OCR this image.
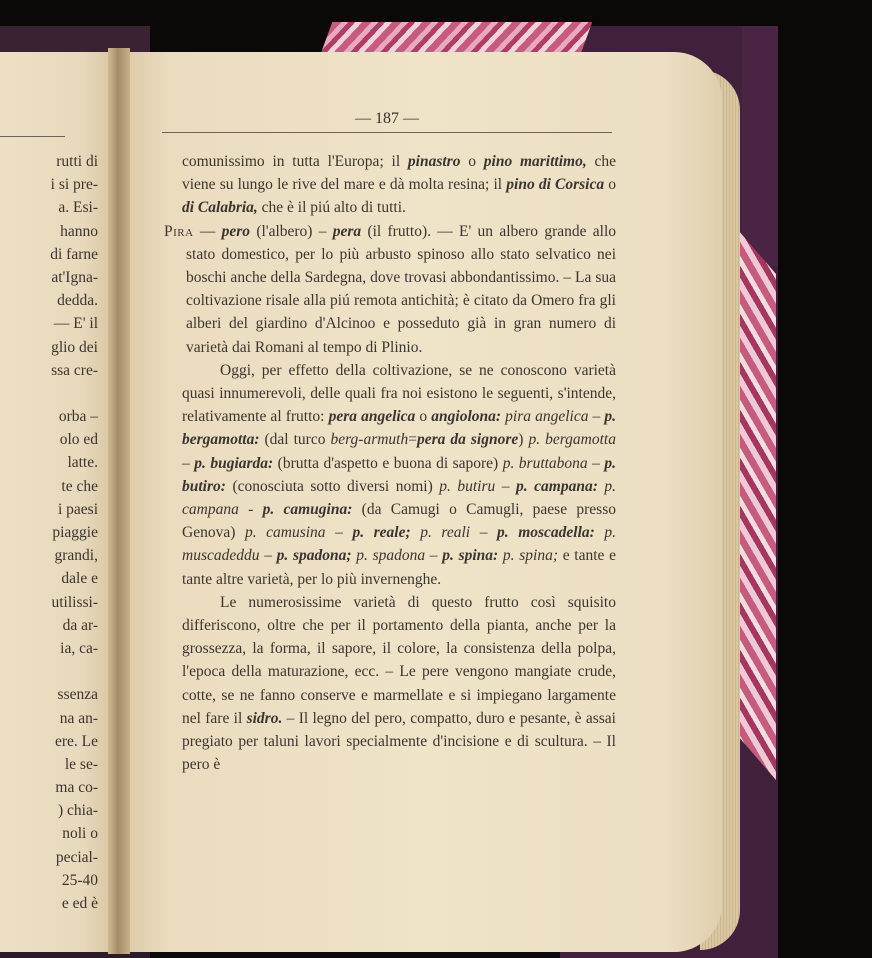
rutti di
i si pre-
a. Esi-
hanno
di farne
at'Igna-
dedda.
— E' il
glio dei
ssa cre-
orba –
olo ed
latte.
te che
i paesi
piaggie
grandi,
dale e
utilissi-
da ar-
ia, ca-
ssenza
na an-
ere. Le
le se-
ma co-
) chia-
noli o
pecial-
25-40
e ed è
— 187 —

comunissimo in tutta l'Europa; il pinastro o pino marittimo, che viene su lungo le rive del mare e dà molta resina; il pino di Corsica o di Calabria, che è il piú alto di tutti.

Pira — pero (l'albero) – pera (il frutto). — E' un albero grande allo stato domestico, per lo più arbusto spinoso allo stato selvatico nei boschi anche della Sardegna, dove trovasi abbondantissimo. – La sua coltivazione risale alla piú remota antichità; è citato da Omero fra gli alberi del giardino d'Alcinoo e posseduto già in gran numero di varietà dai Romani al tempo di Plinio.

Oggi, per effetto della coltivazione, se ne conoscono varietà quasi innumerevoli, delle quali fra noi esistono le seguenti, s'intende, relativamente al frutto: pera angelica o angiolona: pira angelica – p. bergamotta: (dal turco berg-armuth=pera da signore) p. bergamotta – p. bugiarda: (brutta d'aspetto e buona di sapore) p. bruttabona – p. butiro: (conosciuta sotto diversi nomi) p. butiru – p. campana: p. campana - p. camugina: (da Camugi o Camugli, paese presso Genova) p. camusina – p. reale; p. reali – p. moscadella: p. muscadeddu – p. spadona; p. spadona – p. spina: p. spina; e tante e tante altre varietà, per lo più invernenghe.

Le numerosissime varietà di questo frutto così squisito differiscono, oltre che per il portamento della pianta, anche per la grossezza, la forma, il sapore, il colore, la consistenza della polpa, l'epoca della maturazione, ecc. – Le pere vengono mangiate crude, cotte, se ne fanno conserve e marmellate e si impiegano largamente nel fare il sidro. – Il legno del pero, compatto, duro e pesante, è assai pregiato per taluni lavori specialmente d'incisione e di scultura. – Il pero è
